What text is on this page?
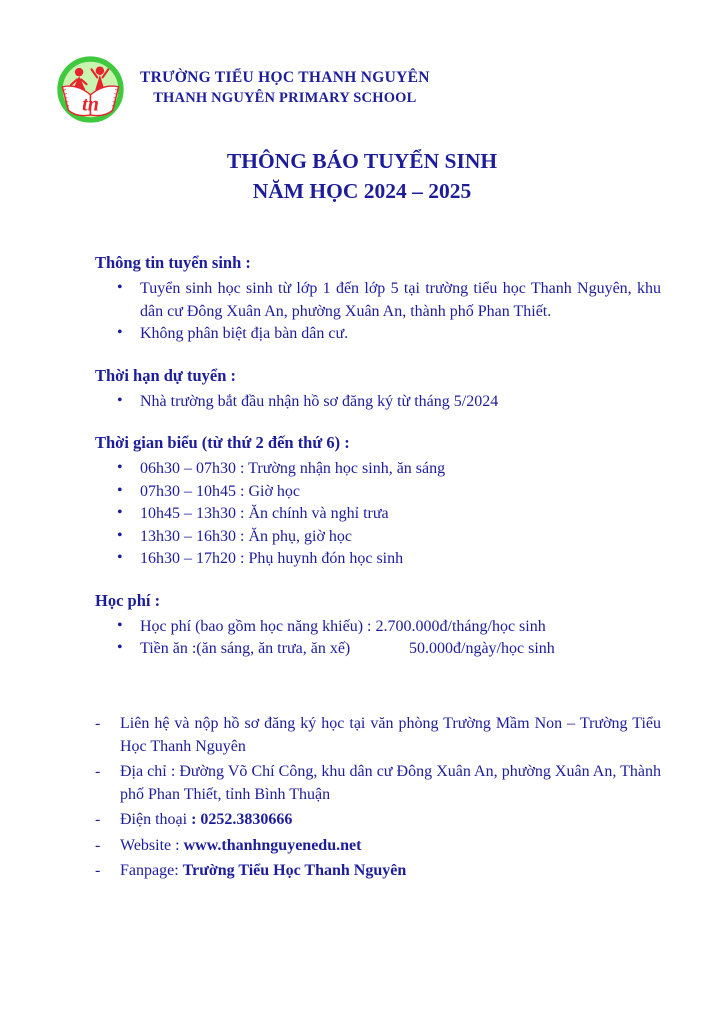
tn
TRƯỜNG TIỂU HỌC THANH NGUYÊN
THANH NGUYÊN PRIMARY SCHOOL
THÔNG BÁO TUYỂN SINH
NĂM HỌC 2024 – 2025
Thông tin tuyển sinh :
• Tuyển sinh học sinh từ lớp 1 đến lớp 5 tại trường tiểu học Thanh Nguyên, khu dân cư Đông Xuân An, phường Xuân An, thành phố Phan Thiết.
• Không phân biệt địa bàn dân cư.
Thời hạn dự tuyển :
• Nhà trường bắt đầu nhận hồ sơ đăng ký từ tháng 5/2024
Thời gian biểu (từ thứ 2 đến thứ 6) :
• 06h30 – 07h30 : Trường nhận học sinh, ăn sáng
• 07h30 – 10h45 : Giờ học
• 10h45 – 13h30 : Ăn chính và nghỉ trưa
• 13h30 – 16h30 : Ăn phụ, giờ học
• 16h30 – 17h20 : Phụ huynh đón học sinh
Học phí :
• Học phí (bao gồm học năng khiếu) : 2.700.000đ/tháng/học sinh
• Tiền ăn :(ăn sáng, ăn trưa, ăn xế)	50.000đ/ngày/học sinh
- Liên hệ và nộp hồ sơ đăng ký học tại văn phòng Trường Mầm Non – Trường Tiểu Học Thanh Nguyên
- Địa chỉ : Đường Võ Chí Công, khu dân cư Đông Xuân An, phường Xuân An, Thành phố Phan Thiết, tỉnh Bình Thuận
- Điện thoại : 0252.3830666
- Website : www.thanhnguyenedu.net
- Fanpage: Trường Tiểu Học Thanh Nguyên
